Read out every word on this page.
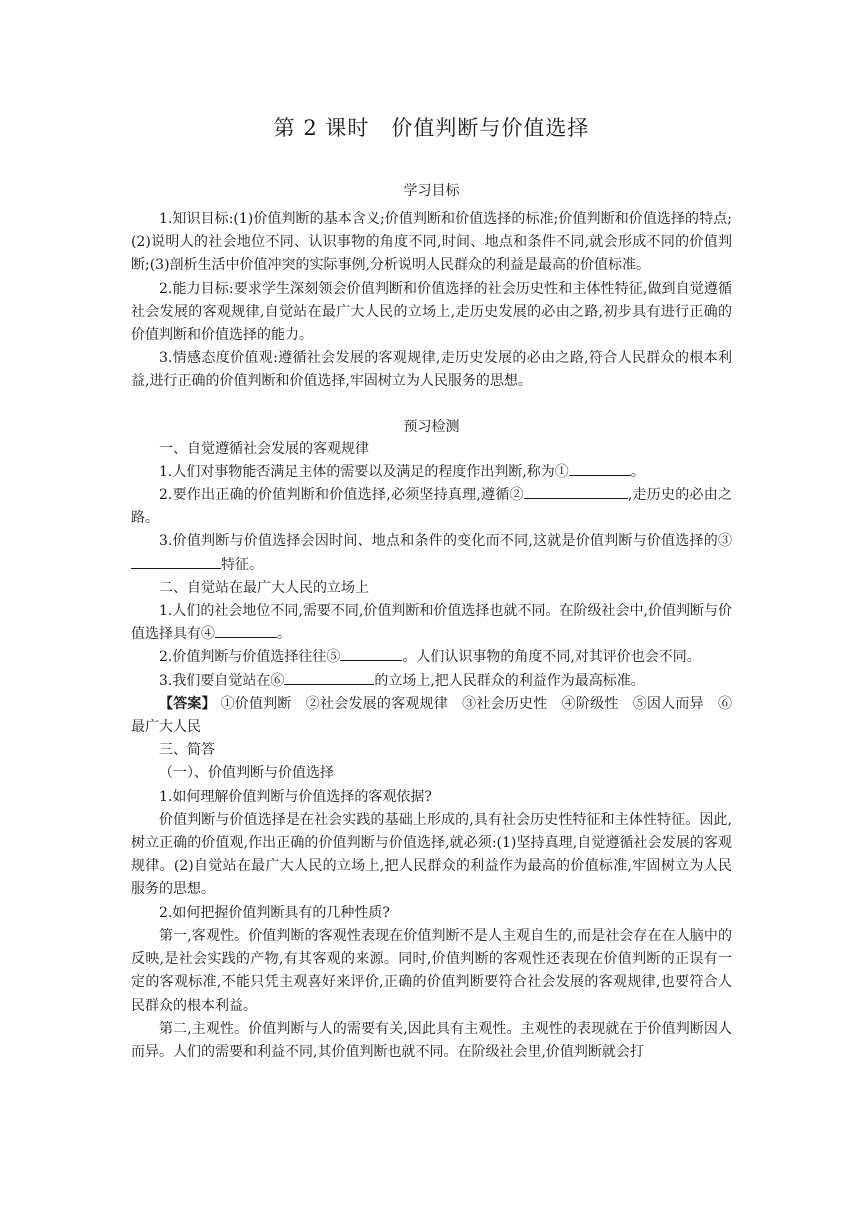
第 2 课时　价值判断与价值选择
学习目标

1.知识目标:(1)价值判断的基本含义;价值判断和价值选择的标准;价值判断和价值选择的特点;(2)说明人的社会地位不同、认识事物的角度不同,时间、地点和条件不同,就会形成不同的价值判断;(3)剖析生活中价值冲突的实际事例,分析说明人民群众的利益是最高的价值标准。

2.能力目标:要求学生深刻领会价值判断和价值选择的社会历史性和主体性特征,做到自觉遵循社会发展的客观规律,自觉站在最广大人民的立场上,走历史发展的必由之路,初步具有进行正确的价值判断和价值选择的能力。

3.情感态度价值观:遵循社会发展的客观规律,走历史发展的必由之路,符合人民群众的根本利益,进行正确的价值判断和价值选择,牢固树立为人民服务的思想。

预习检测

一、自觉遵循社会发展的客观规律

1.人们对事物能否满足主体的需要以及满足的程度作出判断,称为①	。

2.要作出正确的价值判断和价值选择,必须坚持真理,遵循②	,走历史的必由之路。

3.价值判断与价值选择会因时间、地点和条件的变化而不同,这就是价值判断与价值选择的③特征。

二、自觉站在最广大人民的立场上

1.人们的社会地位不同,需要不同,价值判断和价值选择也就不同。在阶级社会中,价值判断与价值选择具有④	。

2.价值判断与价值选择往往⑤	。人们认识事物的角度不同,对其评价也会不同。

3.我们要自觉站在⑥	的立场上,把人民群众的利益作为最高标准。

【答案】 ①价值判断　②社会发展的客观规律　③社会历史性　④阶级性　⑤因人而异　⑥最广大人民

三、简答

（一）、价值判断与价值选择

1.如何理解价值判断与价值选择的客观依据?

价值判断与价值选择是在社会实践的基础上形成的,具有社会历史性特征和主体性特征。因此,树立正确的价值观,作出正确的价值判断与价值选择,就必须:(1)坚持真理,自觉遵循社会发展的客观规律。(2)自觉站在最广大人民的立场上,把人民群众的利益作为最高的价值标准,牢固树立为人民服务的思想。

2.如何把握价值判断具有的几种性质?

第一,客观性。价值判断的客观性表现在价值判断不是人主观自生的,而是社会存在在人脑中的反映,是社会实践的产物,有其客观的来源。同时,价值判断的客观性还表现在价值判断的正误有一定的客观标准,不能只凭主观喜好来评价,正确的价值判断要符合社会发展的客观规律,也要符合人民群众的根本利益。

第二,主观性。价值判断与人的需要有关,因此具有主观性。主观性的表现就在于价值判断因人而异。人们的需要和利益不同,其价值判断也就不同。在阶级社会里,价值判断就会打
